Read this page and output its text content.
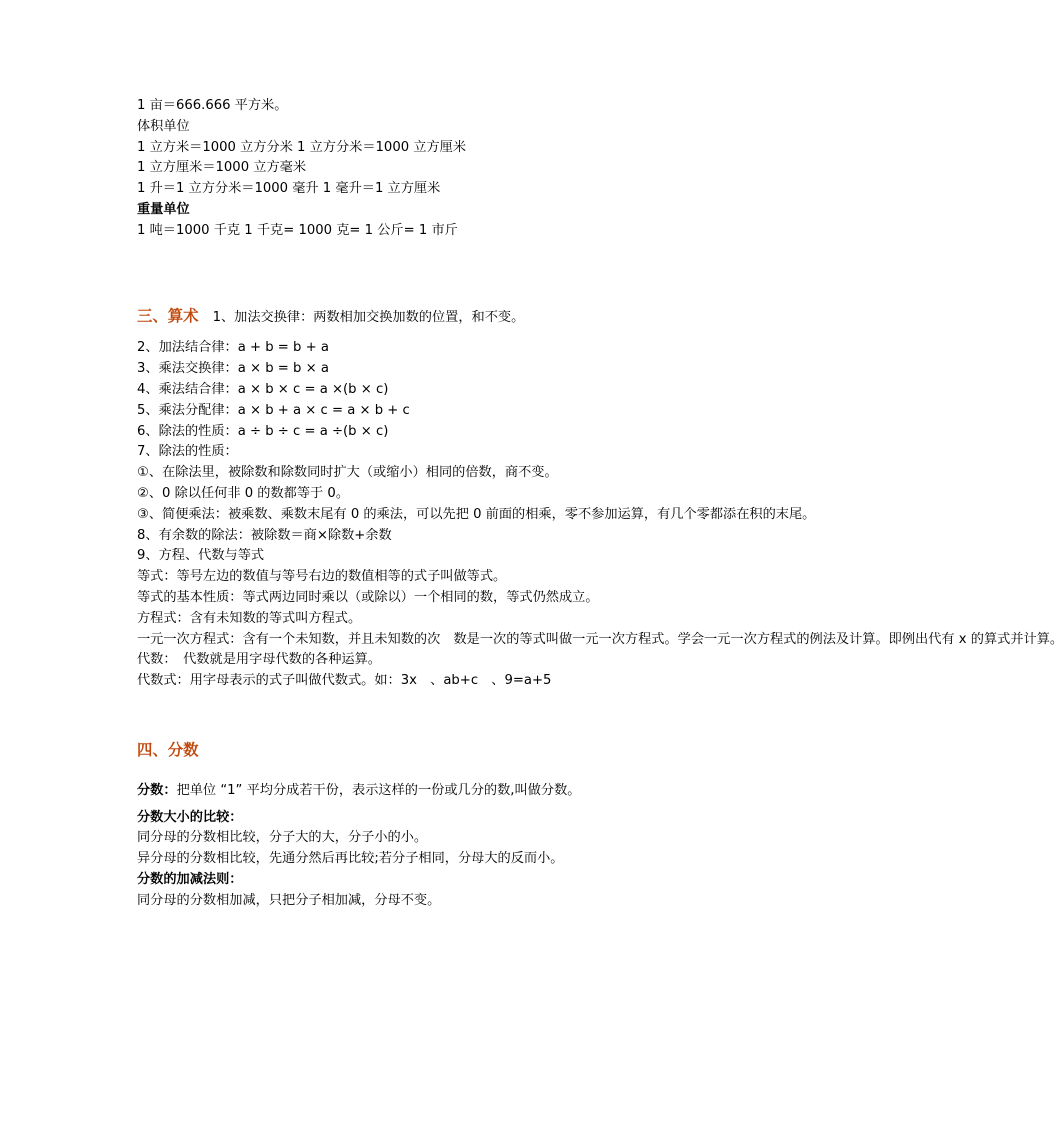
1 亩＝666.666 平方米。
体积单位
1 立方米＝1000 立方分米 1 立方分米＝1000 立方厘米
1 立方厘米＝1000 立方毫米
1 升＝1 立方分米＝1000 毫升 1 毫升＝1 立方厘米
重量单位
1 吨＝1000 千克 1 千克= 1000 克= 1 公斤= 1 市斤
三、算术 1、加法交换律：两数相加交换加数的位置，和不变。
2、加法结合律：a + b = b + a
3、乘法交换律：a × b = b × a
4、乘法结合律：a × b × c = a ×(b × c)
5、乘法分配律：a × b + a × c = a × b + c
6、除法的性质：a ÷ b ÷ c = a ÷(b × c)
7、除法的性质：
①、在除法里，被除数和除数同时扩大（或缩小）相同的倍数，商不变。
②、0 除以任何非 0 的数都等于 0。
③、简便乘法：被乘数、乘数末尾有 0 的乘法，可以先把 0 前面的相乘，零不参加运算，有几个零都添在积的末尾。
8、有余数的除法：被除数＝商×除数+余数
9、方程、代数与等式
等式：等号左边的数值与等号右边的数值相等的式子叫做等式。
等式的基本性质：等式两边同时乘以（或除以）一个相同的数，等式仍然成立。
方程式：含有未知数的等式叫方程式。
一元一次方程式：含有一个未知数，并且未知数的次　数是一次的等式叫做一元一次方程式。学会一元一次方程式的例法及计算。即例出代有 x 的算式并计算。
代数：　代数就是用字母代数的各种运算。
代数式：用字母表示的式子叫做代数式。如：3x　、ab+c　、9=a+5
四、分数
分数：把单位 “1” 平均分成若干份，表示这样的一份或几分的数,叫做分数。
分数大小的比较：
同分母的分数相比较，分子大的大，分子小的小。
异分母的分数相比较，先通分然后再比较;若分子相同，分母大的反而小。
分数的加减法则：
同分母的分数相加减，只把分子相加减，分母不变。
